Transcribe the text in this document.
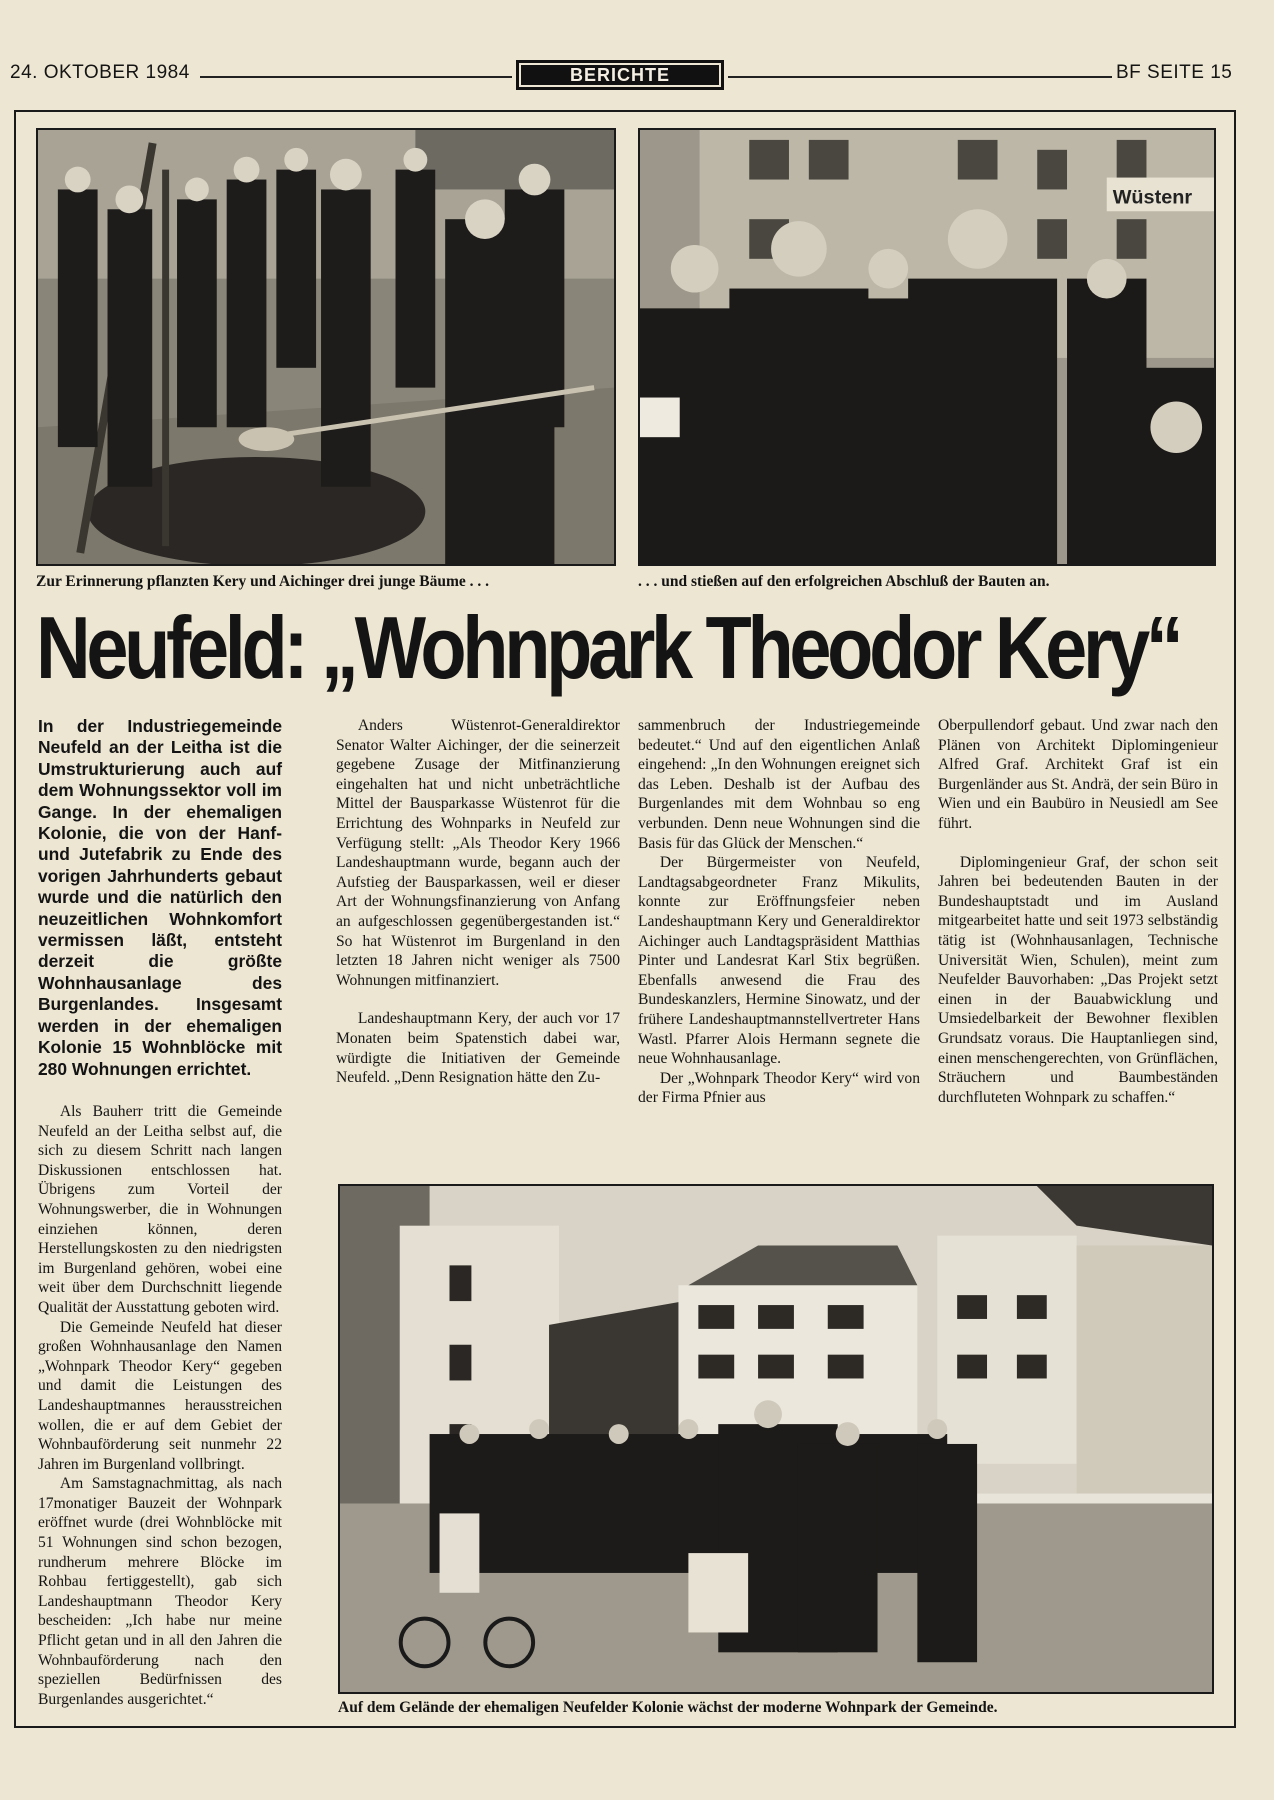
24. OKTOBER 1984	BERICHTE	BF SEITE 15
Zur Erinnerung pflanzten Kery und Aichinger drei junge Bäume . . .
Wüstenr
. . . und stießen auf den erfolgreichen Abschluß der Bauten an.
Neufeld: „Wohnpark Theodor Kery“

In der Industriegemeinde Neufeld an der Leitha ist die Umstrukturierung auch auf dem Wohnungssektor voll im Gange. In der ehemaligen Kolonie, die von der Hanf- und Jutefabrik zu Ende des vorigen Jahrhunderts gebaut wurde und die natürlich den neuzeitlichen Wohnkomfort vermissen läßt, entsteht derzeit die größte Wohnhausanlage des Burgenlandes. Insgesamt werden in der ehemaligen Kolonie 15 Wohnblöcke mit 280 Wohnungen errichtet.

Als Bauherr tritt die Gemeinde Neufeld an der Leitha selbst auf, die sich zu diesem Schritt nach langen Diskussionen entschlossen hat. Übrigens zum Vorteil der Wohnungswerber, die in Wohnungen einziehen können, deren Herstellungskosten zu den niedrigsten im Burgenland gehören, wobei eine weit über dem Durchschnitt liegende Qualität der Ausstattung geboten wird.

Die Gemeinde Neufeld hat dieser großen Wohnhausanlage den Namen „Wohnpark Theodor Kery“ gegeben und damit die Leistungen des Landeshauptmannes herausstreichen wollen, die er auf dem Gebiet der Wohnbauförderung seit nunmehr 22 Jahren im Burgenland vollbringt.

Am Samstagnachmittag, als nach 17monatiger Bauzeit der Wohnpark eröffnet wurde (drei Wohnblöcke mit 51 Wohnungen sind schon bezogen, rundherum mehrere Blöcke im Rohbau fertiggestellt), gab sich Landeshauptmann Theodor Kery bescheiden: „Ich habe nur meine Pflicht getan und in all den Jahren die Wohnbauförderung nach den speziellen Bedürfnissen des Burgenlandes ausgerichtet.“

Anders Wüstenrot-Generaldirektor Senator Walter Aichinger, der die seinerzeit gegebene Zusage der Mitfinanzierung eingehalten hat und nicht unbeträchtliche Mittel der Bausparkasse Wüstenrot für die Errichtung des Wohnparks in Neufeld zur Verfügung stellt: „Als Theodor Kery 1966 Landeshauptmann wurde, begann auch der Aufstieg der Bausparkassen, weil er dieser Art der Wohnungsfinanzierung von Anfang an aufgeschlossen gegenübergestanden ist.“ So hat Wüstenrot im Burgenland in den letzten 18 Jahren nicht weniger als 7500 Wohnungen mitfinanziert.

Landeshauptmann Kery, der auch vor 17 Monaten beim Spatenstich dabei war, würdigte die Initiativen der Gemeinde Neufeld. „Denn Resignation hätte den Zu-

sammenbruch der Industriegemeinde bedeutet.“ Und auf den eigentlichen Anlaß eingehend: „In den Wohnungen ereignet sich das Leben. Deshalb ist der Aufbau des Burgenlandes mit dem Wohnbau so eng verbunden. Denn neue Wohnungen sind die Basis für das Glück der Menschen.“

Der Bürgermeister von Neufeld, Landtagsabgeordneter Franz Mikulits, konnte zur Eröffnungsfeier neben Landeshauptmann Kery und Generaldirektor Aichinger auch Landtagspräsident Matthias Pinter und Landesrat Karl Stix begrüßen. Ebenfalls anwesend die Frau des Bundeskanzlers, Hermine Sinowatz, und der frühere Landeshauptmannstellvertreter Hans Wastl. Pfarrer Alois Hermann segnete die neue Wohnhausanlage.

Der „Wohnpark Theodor Kery“ wird von der Firma Pfnier aus

Oberpullendorf gebaut. Und zwar nach den Plänen von Architekt Diplomingenieur Alfred Graf. Architekt Graf ist ein Burgenländer aus St. Andrä, der sein Büro in Wien und ein Baubüro in Neusiedl am See führt.

Diplomingenieur Graf, der schon seit Jahren bei bedeutenden Bauten in der Bundeshauptstadt und im Ausland mitgearbeitet hatte und seit 1973 selbständig tätig ist (Wohnhausanlagen, Technische Universität Wien, Schulen), meint zum Neufelder Bauvorhaben: „Das Projekt setzt einen in der Bauabwicklung und Umsiedelbarkeit der Bewohner flexiblen Grundsatz voraus. Die Hauptanliegen sind, einen menschengerechten, von Grünflächen, Sträuchern und Baumbeständen durchfluteten Wohnpark zu schaffen.“

Auf dem Gelände der ehemaligen Neufelder Kolonie wächst der moderne Wohnpark der Gemeinde.
